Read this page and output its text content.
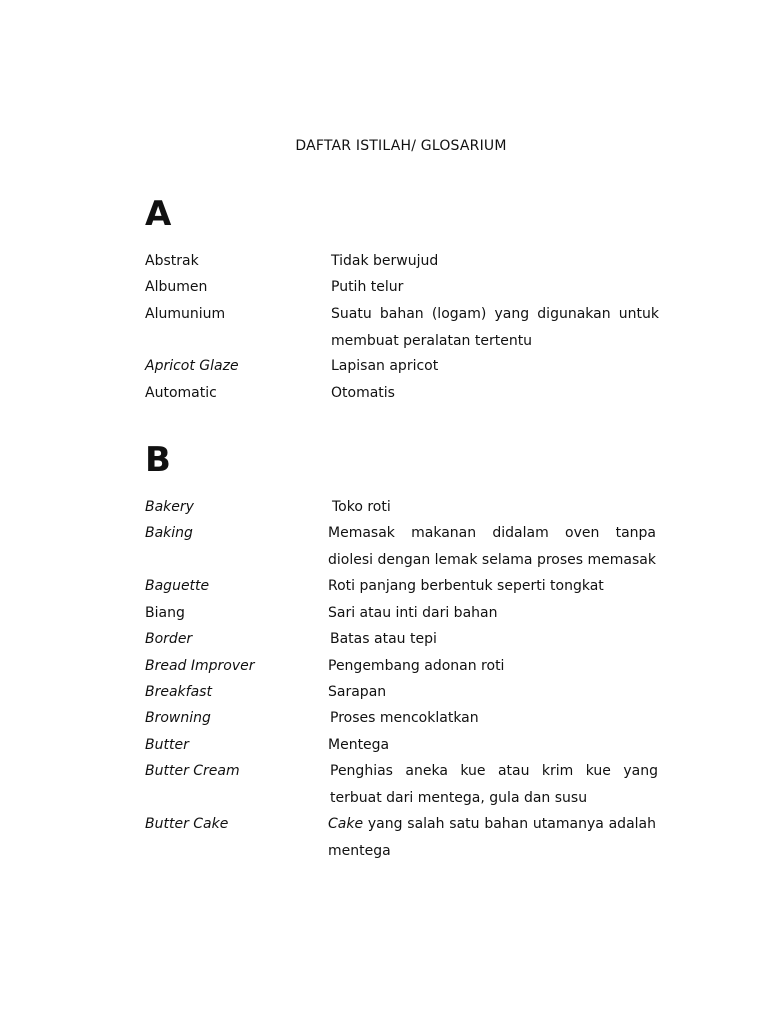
DAFTAR ISTILAH/ GLOSARIUM
A
Abstrak	Tidak berwujud
Albumen	Putih telur
Alumunium	Suatu bahan (logam) yang digunakan untuk membuat peralatan tertentu
Apricot Glaze	Lapisan apricot
Automatic	Otomatis
B
Bakery	Toko roti
Baking	Memasak makanan didalam oven tanpa diolesi dengan lemak selama proses memasak
Baguette	Roti panjang berbentuk seperti tongkat
Biang	Sari atau inti dari bahan
Border	Batas atau tepi
Bread Improver	Pengembang adonan roti
Breakfast	Sarapan
Browning	Proses mencoklatkan
Butter	Mentega
Butter Cream	Penghias aneka kue atau krim kue yang terbuat dari mentega, gula dan susu
Butter Cake	Cake yang salah satu bahan utamanya adalah mentega
